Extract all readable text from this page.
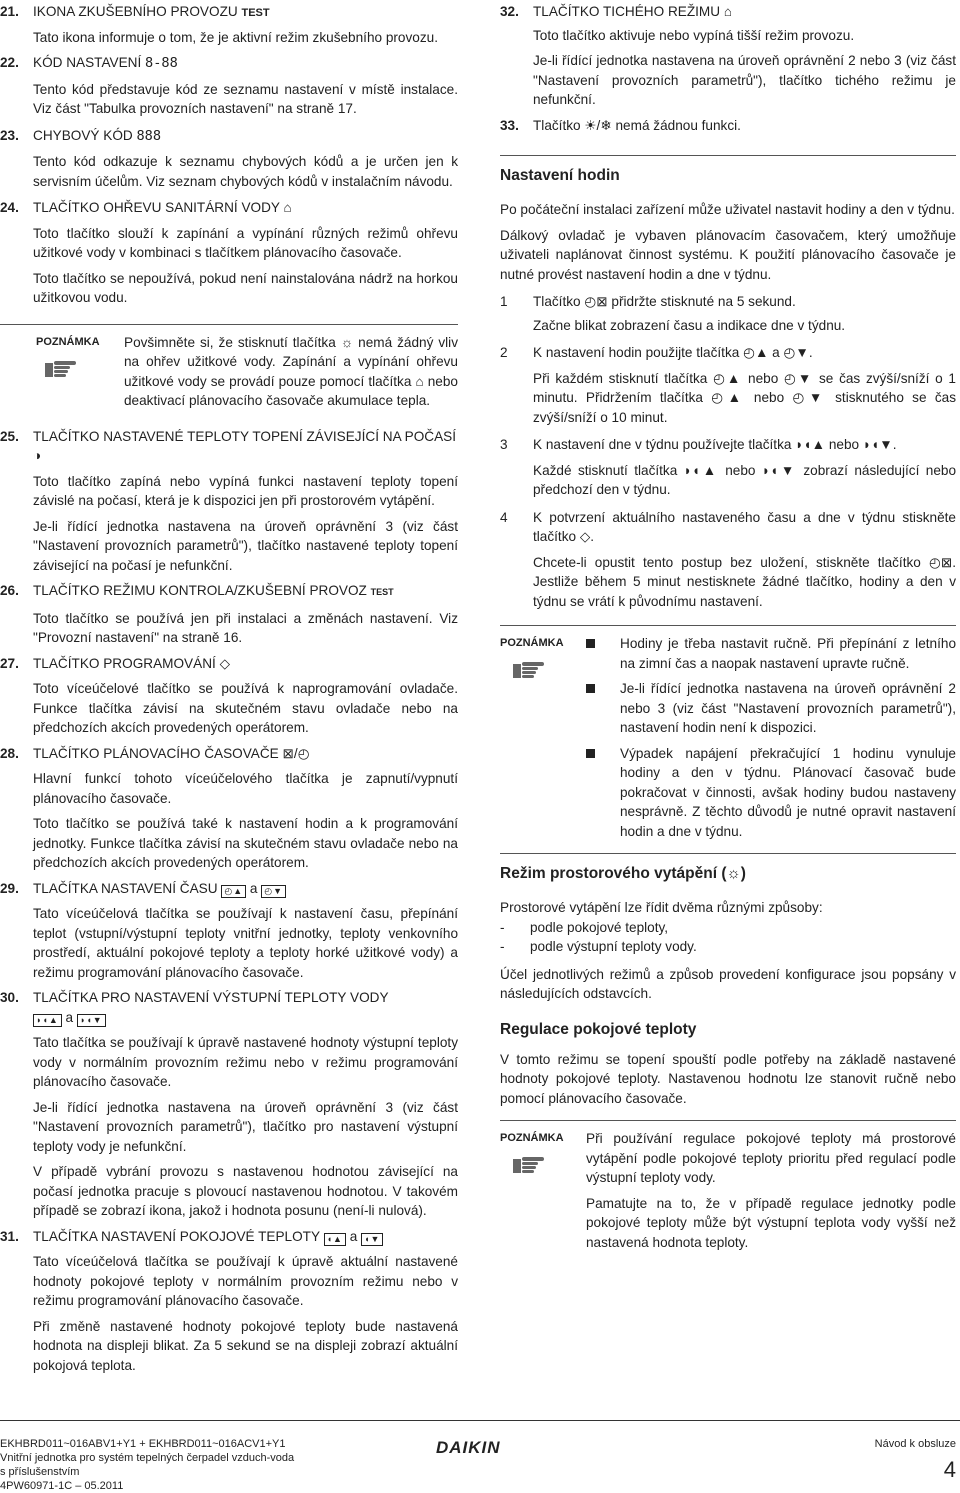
21.	IKONA ZKUŠEBNÍHO PROVOZU TEST

Tato ikona informuje o tom, že je aktivní režim zkušebního provozu.

22.	KÓD NASTAVENÍ 8-88

Tento kód představuje kód ze seznamu nastavení v místě instalace. Viz část "Tabulka provozních nastavení" na straně 17.

23.	CHYBOVÝ KÓD 888

Tento kód odkazuje k seznamu chybových kódů a je určen jen k servisním účelům. Viz seznam chybových kódů v instalačním návodu.

24.	TLAČÍTKO OHŘEVU SANITÁRNÍ VODY ⌂

Toto tlačítko slouží k zapínání a vypínání různých režimů ohřevu užitkové vody v kombinaci s tlačítkem plánovacího časovače.

Toto tlačítko se nepoužívá, pokud není nainstalována nádrž na horkou užitkovou vodu.

POZNÁMKA	Povšimněte si, že stisknutí tlačítka ☼ nemá žádný vliv na ohřev užitkové vody. Zapínání a vypínání ohřevu užitkové vody se provádí pouze pomocí tlačítka ⌂ nebo deaktivací plánovacího časovače akumulace tepla.

25.	TLAČÍTKO NASTAVENÉ TEPLOTY TOPENÍ ZÁVISEJÍCÍ NA POČASÍ ◑

Toto tlačítko zapíná nebo vypíná funkci nastavení teploty topení závislé na počasí, která je k dispozici jen při prostorovém vytápění.

Je-li řídící jednotka nastavena na úroveň oprávnění 3 (viz část "Nastavení provozních parametrů"), tlačítko nastavené teploty topení závisející na počasí je nefunkční.

26.	TLAČÍTKO REŽIMU KONTROLA/ZKUŠEBNÍ PROVOZ TEST

Toto tlačítko se používá jen při instalaci a změnách nastavení. Viz "Provozní nastavení" na straně 16.

27.	TLAČÍTKO PROGRAMOVÁNÍ ◇

Toto víceúčelové tlačítko se používá k naprogramování ovladače. Funkce tlačítka závisí na skutečném stavu ovladače nebo na předchozích akcích provedených operátorem.

28.	TLAČÍTKO PLÁNOVACÍHO ČASOVAČE ⊠/◴

Hlavní funkcí tohoto víceúčelového tlačítka je zapnutí/vypnutí plánovacího časovače.

Toto tlačítko se používá také k nastavení hodin a k programování jednotky. Funkce tlačítka závisí na skutečném stavu ovladače nebo na předchozích akcích provedených operátorem.

29.	TLAČÍTKA NASTAVENÍ ČASU ◴▲ a ◴▼

Tato víceúčelová tlačítka se používají k nastavení času, přepínání teplot (vstupní/výstupní teploty vnitřní jednotky, teploty venkovního prostředí, aktuální pokojové teploty a teploty horké užitkové vody) a režimu programování plánovacího časovače.

30.	TLAČÍTKA PRO NASTAVENÍ VÝSTUPNÍ TEPLOTY VODY
◗◖▲ a ◗◖▼

Tato tlačítka se používají k úpravě nastavené hodnoty výstupní teploty vody v normálním provozním režimu nebo v režimu programování plánovacího časovače.

Je-li řídící jednotka nastavena na úroveň oprávnění 3 (viz část "Nastavení provozních parametrů"), tlačítko pro nastavení výstupní teploty vody je nefunkční.

V případě vybrání provozu s nastavenou hodnotou závisející na počasí jednotka pracuje s plovoucí nastavenou hodnotou. V takovém případě se zobrazí ikona, jakož i hodnota posunu (není-li nulová).

31.	TLAČÍTKA NASTAVENÍ POKOJOVÉ TEPLOTY ◖▲ a ◖▼

Tato víceúčelová tlačítka se používají k úpravě aktuální nastavené hodnoty pokojové teploty v normálním provozním režimu nebo v režimu programování plánovacího časovače.

Při změně nastavené hodnoty pokojové teploty bude nastavená hodnota na displeji blikat. Za 5 sekund se na displeji zobrazí aktuální pokojová teplota.

32.	TLAČÍTKO TICHÉHO REŽIMU ⌂

Toto tlačítko aktivuje nebo vypíná tišší režim provozu.

Je-li řídící jednotka nastavena na úroveň oprávnění 2 nebo 3 (viz část "Nastavení provozních parametrů"), tlačítko tichého režimu je nefunkční.

33.	Tlačítko ☀/❄ nemá žádnou funkci.
Nastavení hodin

Po počáteční instalaci zařízení může uživatel nastavit hodiny a den v týdnu.

Dálkový ovladač je vybaven plánovacím časovačem, který umožňuje uživateli naplánovat činnost systému. K použití plánovacího časovače je nutné provést nastavení hodin a dne v týdnu.

1	Tlačítko ◴⊠ přidržte stisknuté na 5 sekund.

Začne blikat zobrazení času a indikace dne v týdnu.

2	K nastavení hodin použijte tlačítka ◴▲ a ◴▼.

Při každém stisknutí tlačítka ◴▲ nebo ◴▼ se čas zvýší/sníží o 1 minutu. Přidržením tlačítka ◴▲ nebo ◴▼ stisknutého se čas zvýší/sníží o 10 minut.

3	K nastavení dne v týdnu používejte tlačítka ◗◖▲ nebo ◗◖▼.

Každé stisknutí tlačítka ◗◖▲ nebo ◗◖▼ zobrazí následující nebo předchozí den v týdnu.

4	K potvrzení aktuálního nastaveného času a dne v týdnu stiskněte tlačítko ◇.

Chcete-li opustit tento postup bez uložení, stiskněte tlačítko ◴⊠. Jestliže během 5 minut nestisknete žádné tlačítko, hodiny a den v týdnu se vrátí k původnímu nastavení.

POZNÁMKA	Hodiny je třeba nastavit ručně. Při přepínání z letního na zimní čas a naopak nastavení upravte ručně.
Je-li řídící jednotka nastavena na úroveň oprávnění 2 nebo 3 (viz část "Nastavení provozních parametrů"), nastavení hodin není k dispozici.
Výpadek napájení překračující 1 hodinu vynuluje hodiny a den v týdnu. Plánovací časovač bude pokračovat v činnosti, avšak hodiny budou nastaveny nesprávně. Z těchto důvodů je nutné opravit nastavení hodin a dne v týdnu.
Režim prostorového vytápění (☼)

Prostorové vytápění lze řídit dvěma různými způsoby:

- podle pokojové teploty,
- podle výstupní teploty vody.

Účel jednotlivých režimů a způsob provedení konfigurace jsou popsány v následujících odstavcích.

Regulace pokojové teploty

V tomto režimu se topení spouští podle potřeby na základě nastavené hodnoty pokojové teploty. Nastavenou hodnotu lze stanovit ručně nebo pomocí plánovacího časovače.

POZNÁMKA	Při používání regulace pokojové teploty má prostorové vytápění podle pokojové teploty prioritu před regulací podle výstupní teploty vody.

Pamatujte na to, že v případě regulace jednotky podle pokojové teploty může být výstupní teplota vody vyšší než nastavená hodnota teploty.

EKHBRD011~016ABV1+Y1 + EKHBRD011~016ACV1+Y1
Vnitřní jednotka pro systém tepelných čerpadel vzduch-voda
s příslušenstvím
4PW60971-1C – 05.2011
DAIKIN	Návod k obsluze
4
